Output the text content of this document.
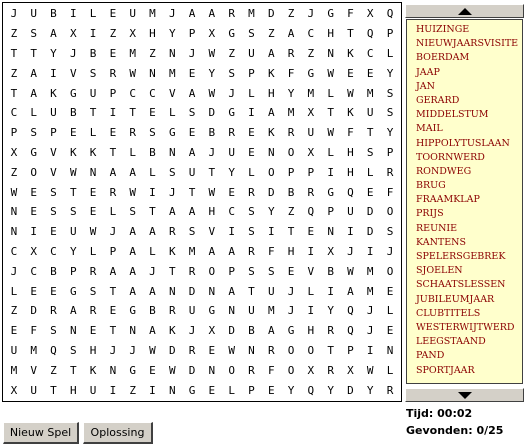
J	U	B	I	L	E	U	M	J	A	A	R	M	D	Z	J	G	F	X	Q
Z	S	A	X	I	Z	X	H	Y	P	X	G	S	Z	A	C	H	T	Q	P
T	T	Y	J	B	E	M	Z	N	J	W	Z	U	A	R	Z	N	K	C	L
Z	A	I	V	S	R	W	N	M	E	Y	S	P	K	F	G	W	E	E	Y
T	A	K	G	U	P	C	C	V	A	W	J	L	H	Y	M	L	W	M	S
C	L	U	B	T	I	T	E	L	S	D	G	I	A	M	X	T	K	U	S
P	S	P	E	L	E	R	S	G	E	B	R	E	K	R	U	W	F	T	Y
X	G	V	K	K	T	L	B	N	A	J	U	E	N	O	X	L	H	S	P
Z	O	V	W	N	A	A	L	S	U	T	Y	L	O	P	P	I	H	L	R
W	E	S	T	E	R	W	I	J	T	W	E	R	D	B	R	G	Q	E	F
N	E	S	S	E	L	S	T	A	A	H	C	S	Y	Z	Q	P	U	D	O
N	I	E	U	W	J	A	A	R	S	V	I	S	I	T	E	N	I	D	S
C	X	C	Y	L	P	A	L	K	M	A	A	R	F	H	I	X	J	I	J
J	C	B	P	R	A	A	J	T	R	O	P	S	S	E	V	B	W	M	O
L	E	E	G	S	T	A	A	N	D	N	A	T	U	J	L	I	A	M	E
Z	D	R	A	R	E	G	B	R	U	G	N	U	M	J	I	Y	Q	J	L
E	F	S	N	E	T	N	A	K	J	X	D	B	A	G	H	R	Q	J	E
U	M	Q	S	H	J	J	W	D	R	E	W	N	R	O	O	T	P	I	N
M	V	Z	T	K	N	G	E	W	D	N	O	R	F	O	X	R	X	W	L
X	U	T	H	U	I	Z	I	N	G	E	L	P	E	Y	Q	Y	D	Y	R
HUIZINGE
NIEUWJAARSVISITE
BOERDAM
JAAP
JAN
GERARD
MIDDELSTUM
MAIL
HIPPOLYTUSLAAN
TOORNWERD
RONDWEG
BRUG
FRAAMKLAP
PRIJS
REUNIE
KANTENS
SPELERSGEBREK
SJOELEN
SCHAATSLESSEN
JUBILEUMJAAR
CLUBTITELS
WESTERWIJTWERD
LEEGSTAAND
PAND
SPORTJAAR
Nieuw Spel	Oplossing
Tijd: 00:02
Gevonden: 0/25
